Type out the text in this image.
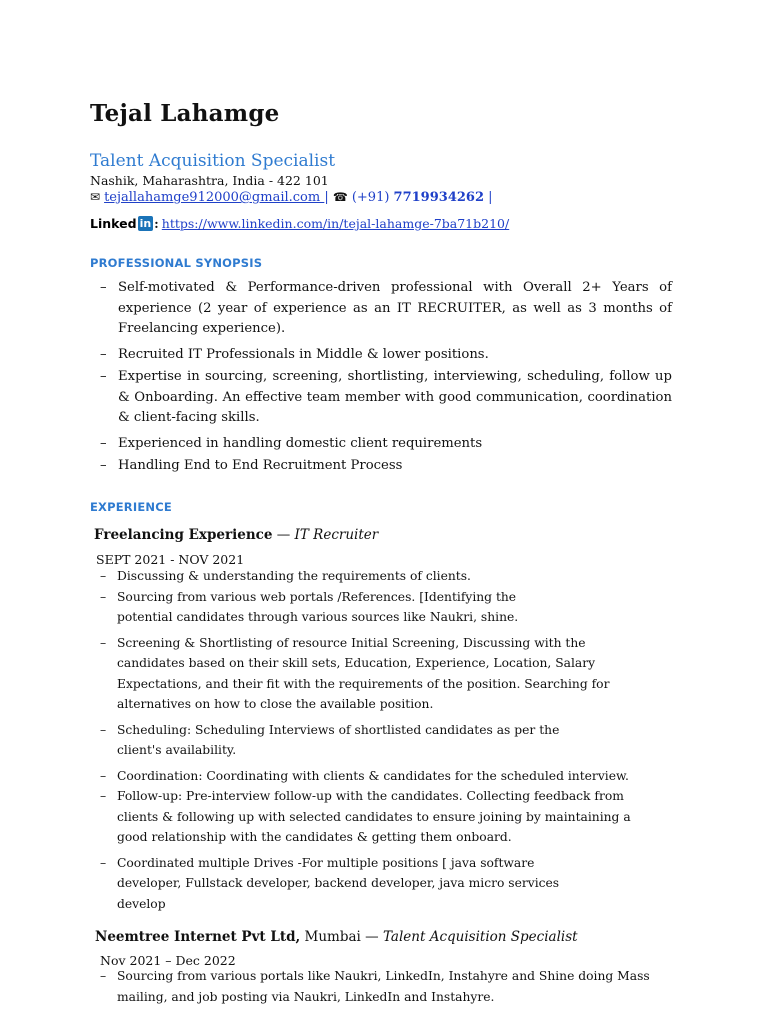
Tejal Lahamge
Talent Acquisition Specialist
Nashik, Maharashtra, India - 422 101
✉ tejallahamge912000@gmail.com | ☎ (+91) 7719934262 |
Linked in : https://www.linkedin.com/in/tejal-lahamge-7ba71b210/
PROFESSIONAL SYNOPSIS
– Self-motivated & Performance-driven professional with Overall 2+ Years of experience (2 year of experience as an IT RECRUITER, as well as 3 months of Freelancing experience).
– Recruited IT Professionals in Middle & lower positions.
– Expertise in sourcing, screening, shortlisting, interviewing, scheduling, follow up & Onboarding. An effective team member with good communication, coordination & client-facing skills.
– Experienced in handling domestic client requirements
– Handling End to End Recruitment Process
EXPERIENCE
Freelancing Experience — IT Recruiter
SEPT 2021 - NOV 2021
– Discussing & understanding the requirements of clients.
– Sourcing from various web portals /References. [Identifying the potential candidates through various sources like Naukri, shine.
– Screening & Shortlisting of resource Initial Screening, Discussing with the candidates based on their skill sets, Education, Experience, Location, Salary Expectations, and their fit with the requirements of the position. Searching for alternatives on how to close the available position.
– Scheduling: Scheduling Interviews of shortlisted candidates as per the client's availability.
– Coordination: Coordinating with clients & candidates for the scheduled interview.
– Follow-up: Pre-interview follow-up with the candidates. Collecting feedback from clients & following up with selected candidates to ensure joining by maintaining a good relationship with the candidates & getting them onboard.
– Coordinated multiple Drives -For multiple positions [ java software developer, Fullstack developer, backend developer, java micro services develop
Neemtree Internet Pvt Ltd, Mumbai — Talent Acquisition Specialist
Nov 2021 – Dec 2022
– Sourcing from various portals like Naukri, LinkedIn, Instahyre and Shine doing Mass mailing, and job posting via Naukri, LinkedIn and Instahyre.
